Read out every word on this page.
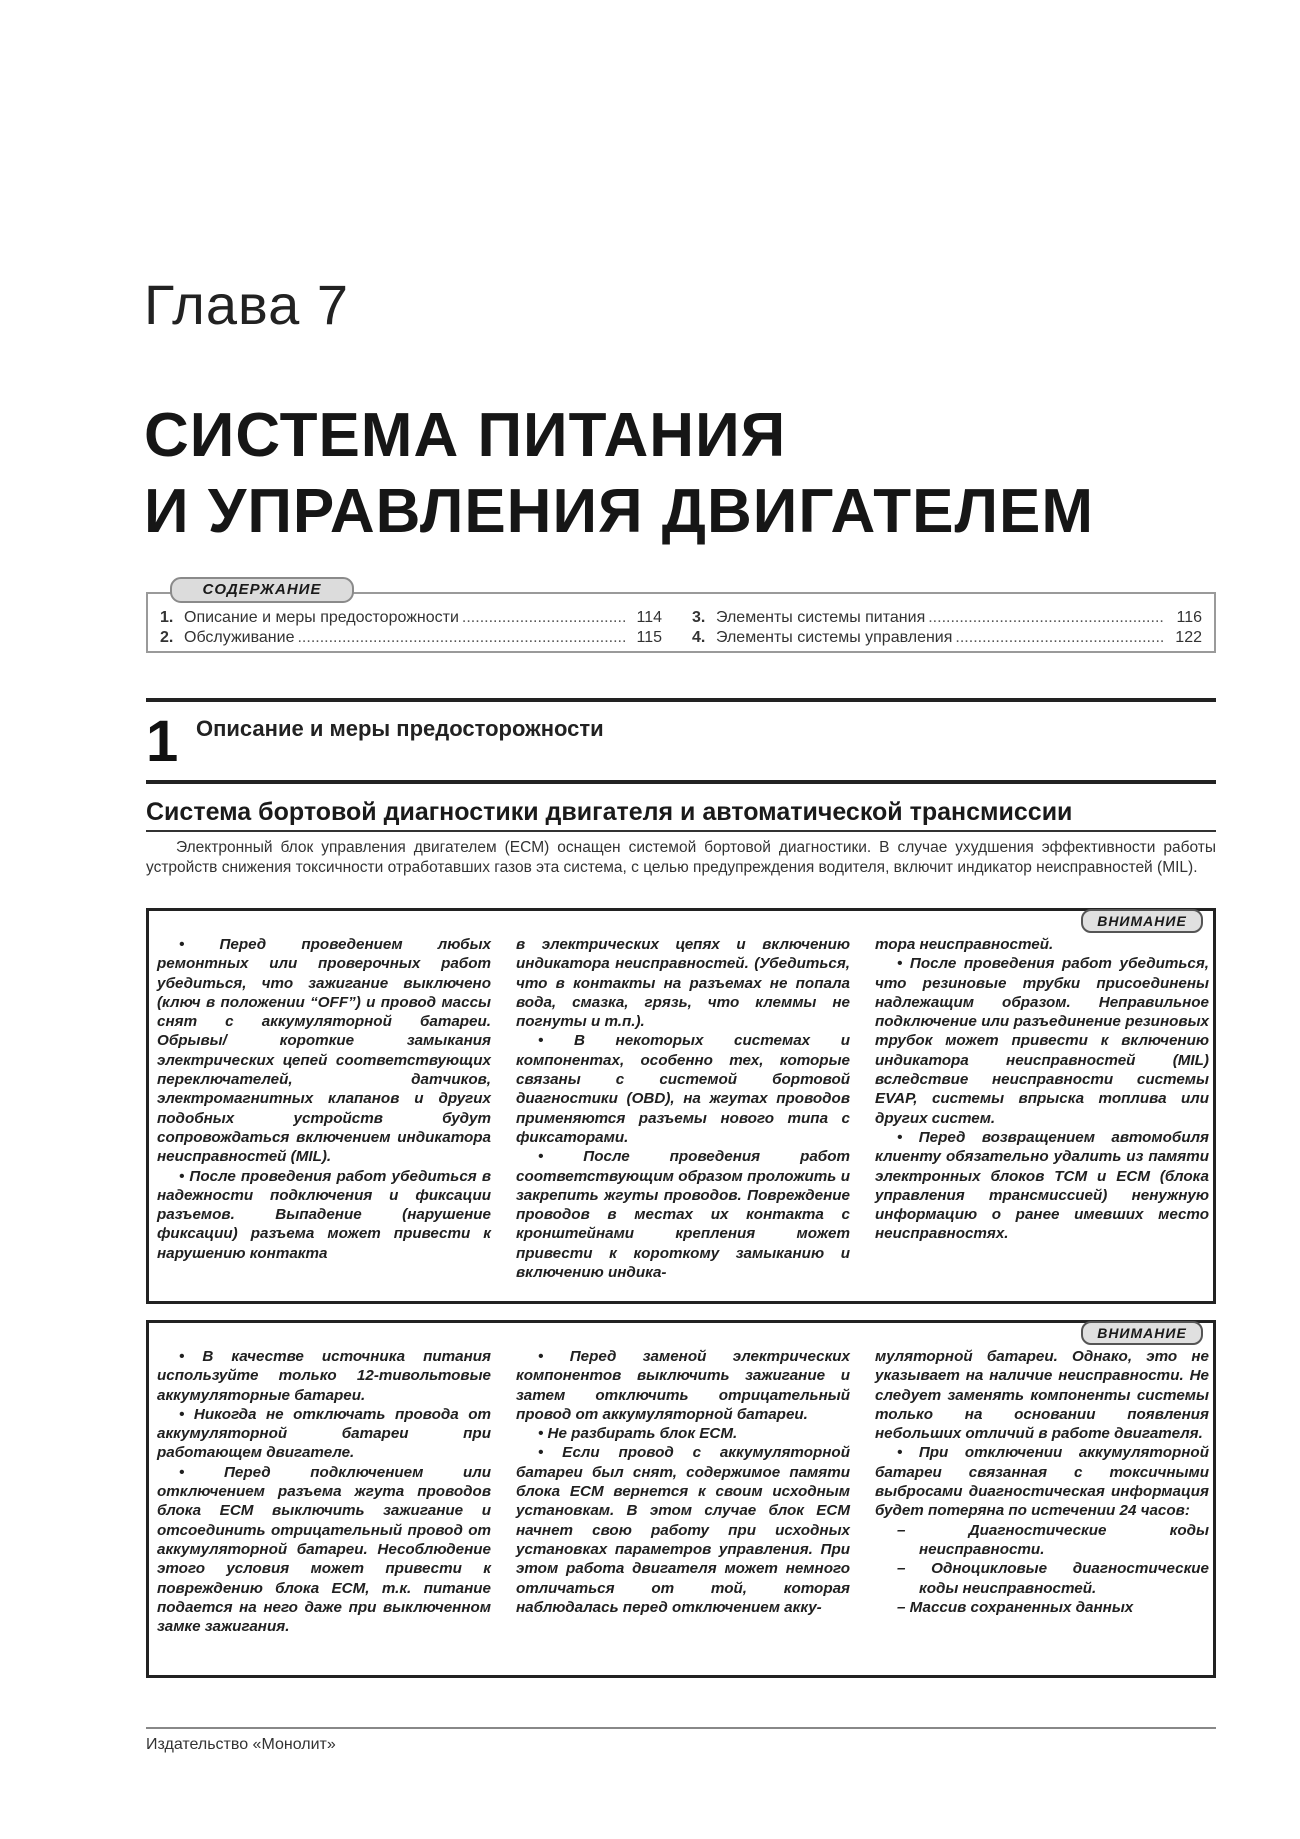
Глава 7
СИСТЕМА ПИТАНИЯ
И УПРАВЛЕНИЯ ДВИГАТЕЛЕМ
СОДЕРЖАНИЕ
1. Описание и меры предосторожности .....	114
2. Обслуживание .....	115
3. Элементы системы питания .....	116
4. Элементы системы управления .....	122
1 Описание и меры предосторожности
Система бортовой диагностики двигателя и автоматической трансмиссии

Электронный блок управления двигателем (ECM) оснащен системой бортовой диагностики. В случае ухудшения эффективности работы устройств снижения токсичности отработавших газов эта система, с целью предупреждения водителя, включит индикатор неисправностей (MIL).

ВНИМАНИЕ

• Перед проведением любых ремонтных или проверочных работ убедиться, что зажигание выключено (ключ в положении “OFF”) и провод массы снят с аккумуляторной батареи. Обрывы/ короткие замыкания электрических цепей соответствующих переключателей, датчиков, электромагнитных клапанов и других подобных устройств будут сопровождаться включением индикатора неисправностей (MIL).

• После проведения работ убедиться в надежности подключения и фиксации разъемов. Выпадение (нарушение фиксации) разъема может привести к нарушению контакта

в электрических цепях и включению индикатора неисправностей. (Убедиться, что в контакты на разъемах не попала вода, смазка, грязь, что клеммы не погнуты и т.п.).

• В некоторых системах и компонентах, особенно тех, которые связаны с системой бортовой диагностики (OBD), на жгутах проводов применяются разъемы нового типа с фиксаторами.

• После проведения работ соответствующим образом проложить и закрепить жгуты проводов. Повреждение проводов в местах их контакта с кронштейнами крепления может привести к короткому замыканию и включению индика-

тора неисправностей.

• После проведения работ убедиться, что резиновые трубки присоединены надлежащим образом. Неправильное подключение или разъединение резиновых трубок может привести к включению индикатора неисправностей (MIL) вследствие неисправности системы EVAP, системы впрыска топлива или других систем.

• Перед возвращением автомобиля клиенту обязательно удалить из памяти электронных блоков TCM и ECM (блока управления трансмиссией) ненужную информацию о ранее имевших место неисправностях.

ВНИМАНИЕ

• В качестве источника питания используйте только 12-тивольтовые аккумуляторные батареи.

• Никогда не отключать провода от аккумуляторной батареи при работающем двигателе.

• Перед подключением или отключением разъема жгута проводов блока ECM выключить зажигание и отсоединить отрицательный провод от аккумуляторной батареи. Несоблюдение этого условия может привести к повреждению блока ECM, т.к. питание подается на него даже при выключенном замке зажигания.

• Перед заменой электрических компонентов выключить зажигание и затем отключить отрицательный провод от аккумуляторной батареи.

• Не разбирать блок ECM.

• Если провод с аккумуляторной батареи был снят, содержимое памяти блока ECM вернется к своим исходным установкам. В этом случае блок ECM начнет свою работу при исходных установках параметров управления. При этом работа двигателя может немного отличаться от той, которая наблюдалась перед отключением акку-

муляторной батареи. Однако, это не указывает на наличие неисправности. Не следует заменять компоненты системы только на основании появления небольших отличий в работе двигателя.

• При отключении аккумуляторной батареи связанная с токсичными выбросами диагностическая информация будет потеряна по истечении 24 часов:

– Диагностические коды неисправности.

– Одноцикловые диагностические коды неисправностей.

– Массив сохраненных данных

Издательство «Монолит»
